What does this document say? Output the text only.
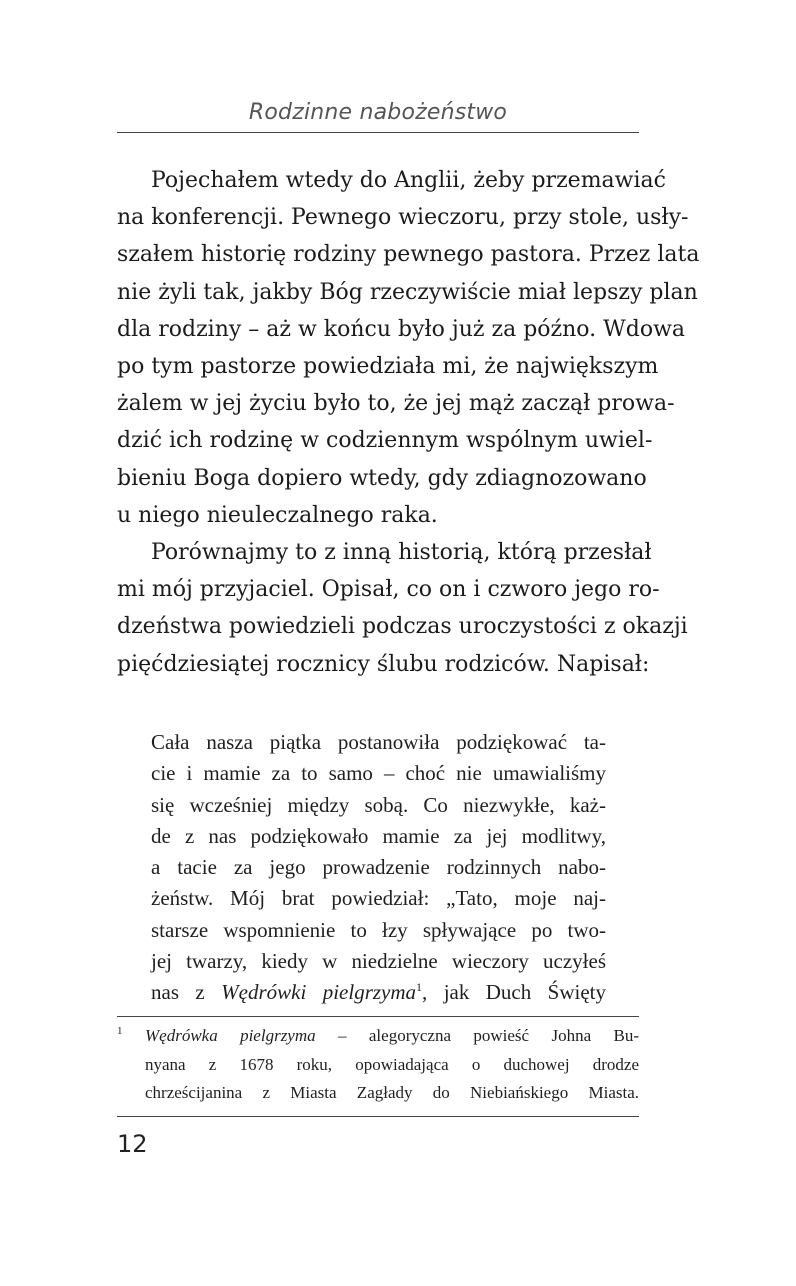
Rodzinne nabożeństwo
Pojechałem wtedy do Anglii, żeby przemawiać
na konferencji. Pewnego wieczoru, przy stole, usły-
szałem historię rodziny pewnego pastora. Przez lata
nie żyli tak, jakby Bóg rzeczywiście miał lepszy plan
dla rodziny – aż w końcu było już za późno. Wdowa
po tym pastorze powiedziała mi, że największym
żalem w jej życiu było to, że jej mąż zaczął prowa-
dzić ich rodzinę w codziennym wspólnym uwiel-
bieniu Boga dopiero wtedy, gdy zdiagnozowano
u niego nieuleczalnego raka.
Porównajmy to z inną historią, którą przesłał
mi mój przyjaciel. Opisał, co on i czworo jego ro-
dzeństwa powiedzieli podczas uroczystości z okazji
pięćdziesiątej rocznicy ślubu rodziców. Napisał:
Cała nasza piątka postanowiła podziękować ta-
cie i mamie za to samo – choć nie umawialiśmy
się wcześniej między sobą. Co niezwykłe, każ-
de z nas podziękowało mamie za jej modlitwy,
a tacie za jego prowadzenie rodzinnych nabo-
żeństw. Mój brat powiedział: „Tato, moje naj-
starsze wspomnienie to łzy spływające po two-
jej twarzy, kiedy w niedzielne wieczory uczyłeś
nas z Wędrówki pielgrzyma$^1$, jak Duch Święty
1 Wędrówka pielgrzyma – alegoryczna powieść Johna Bu-
nyana z 1678 roku, opowiadająca o duchowej drodze
chrześcijanina z Miasta Zagłady do Niebiańskiego Miasta.
12
